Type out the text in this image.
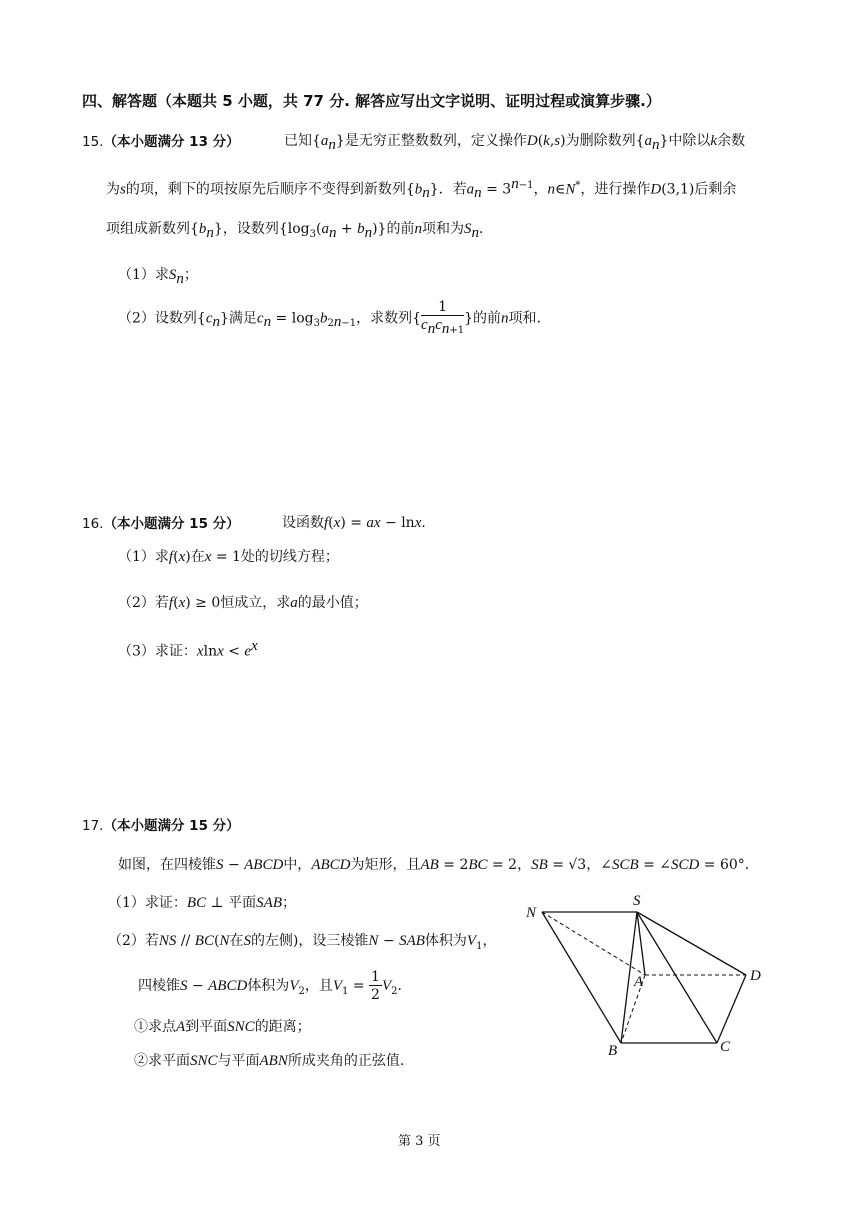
四、解答题（本题共 5 小题，共 77 分. 解答应写出文字说明、证明过程或演算步骤.）
15.（本小题满分 13 分）	已知$\{a_n\}$是无穷正整数数列，定义操作D(k,s)为删除数列$\{a_n\}$中除以k余数
为s的项，剩下的项按原先后顺序不变得到新数列$\{b_n\}$．若$a_n = 3^{n-1}$，n∈N*，进行操作D(3,1)后剩余
项组成新数列$\{b_n\}$，设数列$\{\log_3(a_n + b_n)\}$的前n项和为$S_n$．
（1）求$S_n$；
（2）设数列$\{c_n\}$满足$c_n = \log_3b_{2n-1}$，求数列{ $\frac{1}{c_nc_{n+1}}$ }的前n项和.
16.（本小题满分 15 分）	设函数f(x) = ax − lnx．
（1）求f(x)在x = 1处的切线方程；
（2）若f(x) ≥ 0恒成立，求a的最小值；
（3）求证：$xlnx < e^x$
17.（本小题满分 15 分）
如图，在四棱锥S − ABCD中，ABCD为矩形，且AB = 2BC = 2，SB = √3，∠SCB = ∠SCD = 60°．
（1）求证：BC ⊥ 平面SAB；
（2）若NS // BC(N在S的左侧)，设三棱锥N − SAB体积为$V_1$，
四棱锥S − ABCD体积为$V_2$，且$V_1 = \frac{1}{2} V_2$．
①求点A到平面SNC的距离；
②求平面SNC与平面ABN所成夹角的正弦值.
N
S
A	D
B	C
第 3 页
